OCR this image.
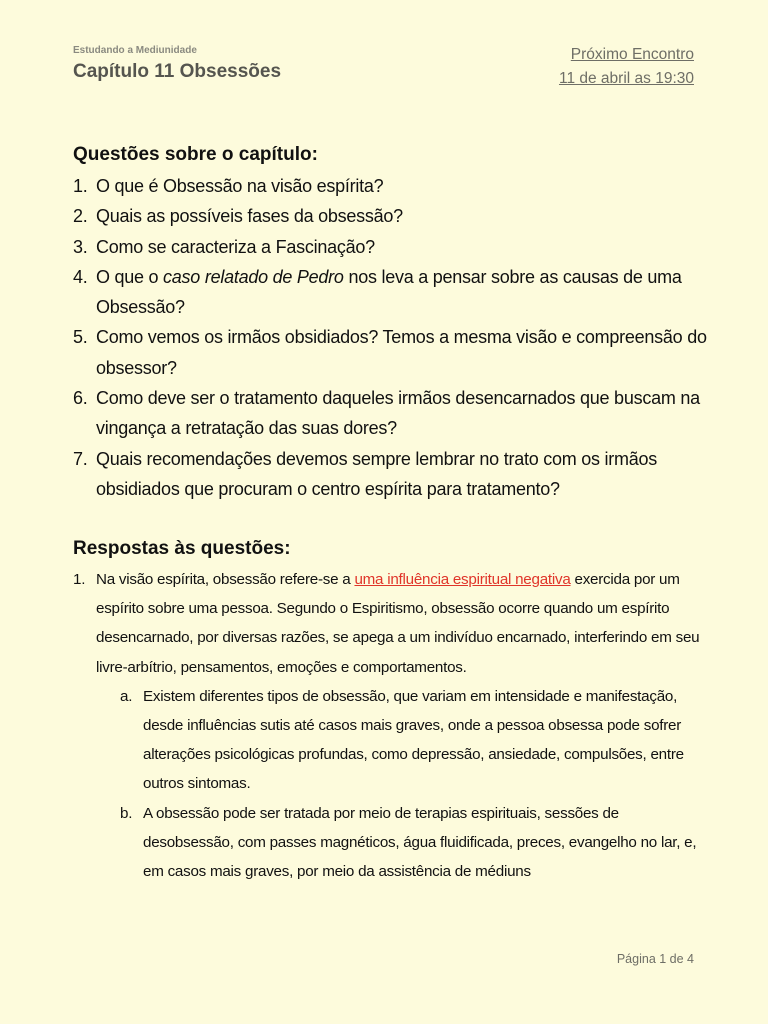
Estudando a Mediunidade
Capítulo 11 Obsessões
Próximo Encontro
11 de abril as 19:30
Questões sobre o capítulo:
1. O que é Obsessão na visão espírita?
2. Quais as possíveis fases da obsessão?
3. Como se caracteriza a Fascinação?
4. O que o caso relatado de Pedro nos leva a pensar sobre as causas de uma Obsessão?
5. Como vemos os irmãos obsidiados? Temos a mesma visão e compreensão do obsessor?
6. Como deve ser o tratamento daqueles irmãos desencarnados que buscam na vingança a retratação das suas dores?
7. Quais recomendações devemos sempre lembrar no trato com os irmãos obsidiados que procuram o centro espírita para tratamento?
Respostas às questões:
1. Na visão espírita, obsessão refere-se a uma influência espiritual negativa exercida por um espírito sobre uma pessoa. Segundo o Espiritismo, obsessão ocorre quando um espírito desencarnado, por diversas razões, se apega a um indivíduo encarnado, interferindo em seu livre-arbítrio, pensamentos, emoções e comportamentos.
a. Existem diferentes tipos de obsessão, que variam em intensidade e manifestação, desde influências sutis até casos mais graves, onde a pessoa obsessa pode sofrer alterações psicológicas profundas, como depressão, ansiedade, compulsões, entre outros sintomas.
b. A obsessão pode ser tratada por meio de terapias espirituais, sessões de desobsessão, com passes magnéticos, água fluidificada, preces, evangelho no lar, e, em casos mais graves, por meio da assistência de médiuns
Página 1 de 4
